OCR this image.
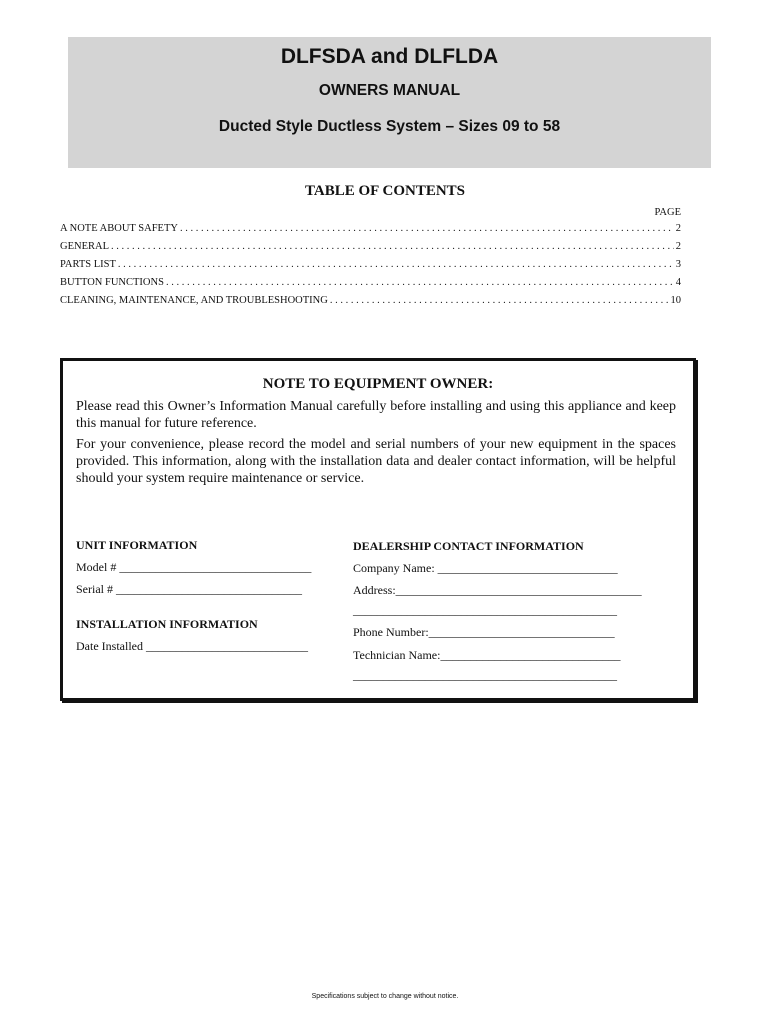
DLFSDA and DLFLDA
OWNERS MANUAL
Ducted Style Ductless System – Sizes 09 to 58
TABLE OF CONTENTS
PAGE
A NOTE ABOUT SAFETY . . .	2
GENERAL . . .	2
PARTS LIST . . .	3
BUTTON FUNCTIONS . . .	4
CLEANING, MAINTENANCE, AND TROUBLESHOOTING . . .	10
NOTE TO EQUIPMENT OWNER:
Please read this Owner’s Information Manual carefully before installing and using this appliance and keep this manual for future reference.
For your convenience, please record the model and serial numbers of your new equipment in the spaces provided. This information, along with the installation data and dealer contact information, will be helpful should your system require maintenance or service.
UNIT INFORMATION
Model # ________________________________
Serial # _______________________________
INSTALLATION INFORMATION
Date Installed ___________________________
DEALERSHIP CONTACT INFORMATION
Company Name: ______________________________
Address:_________________________________________
____________________________________________
Phone Number:_______________________________
Technician Name:______________________________
____________________________________________
Specifications subject to change without notice.
